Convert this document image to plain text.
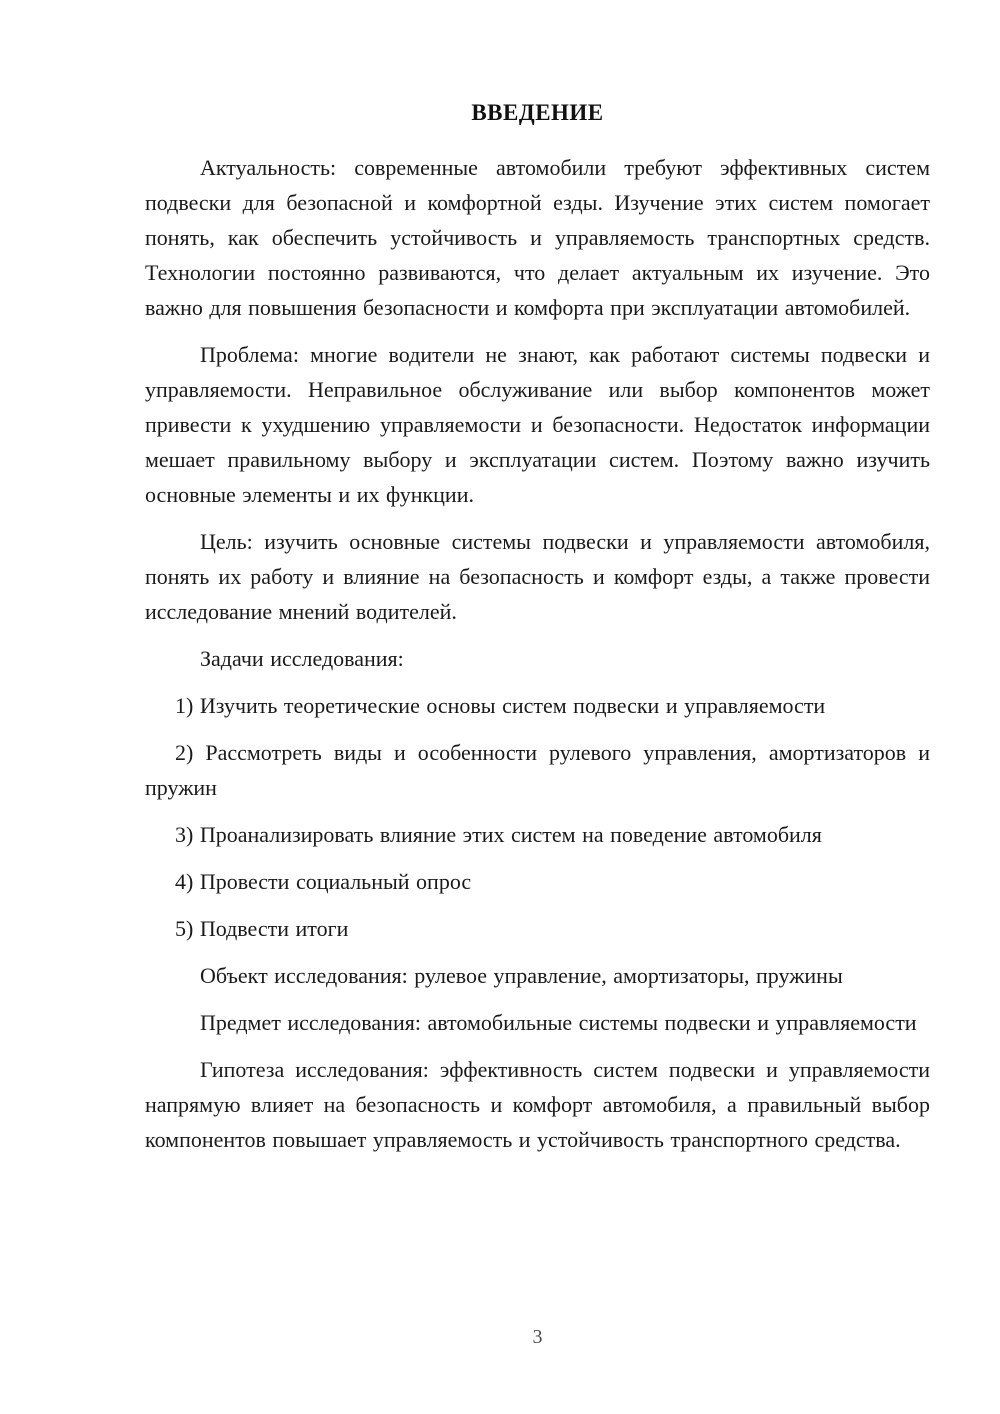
ВВЕДЕНИЕ

Актуальность: современные автомобили требуют эффективных систем подвески для безопасной и комфортной езды. Изучение этих систем помогает понять, как обеспечить устойчивость и управляемость транспортных средств. Технологии постоянно развиваются, что делает актуальным их изучение. Это важно для повышения безопасности и комфорта при эксплуатации автомобилей.

Проблема: многие водители не знают, как работают системы подвески и управляемости. Неправильное обслуживание или выбор компонентов может привести к ухудшению управляемости и безопасности. Недостаток информации мешает правильному выбору и эксплуатации систем. Поэтому важно изучить основные элементы и их функции.

Цель: изучить основные системы подвески и управляемости автомобиля, понять их работу и влияние на безопасность и комфорт езды, а также провести исследование мнений водителей.

Задачи исследования:

1) Изучить теоретические основы систем подвески и управляемости

2) Рассмотреть виды и особенности рулевого управления, амортизаторов и пружин

3) Проанализировать влияние этих систем на поведение автомобиля

4) Провести социальный опрос

5) Подвести итоги

Объект исследования: рулевое управление, амортизаторы, пружины

Предмет исследования: автомобильные системы подвески и управляемости

Гипотеза исследования: эффективность систем подвески и управляемости напрямую влияет на безопасность и комфорт автомобиля, а правильный выбор компонентов повышает управляемость и устойчивость транспортного средства.

3
